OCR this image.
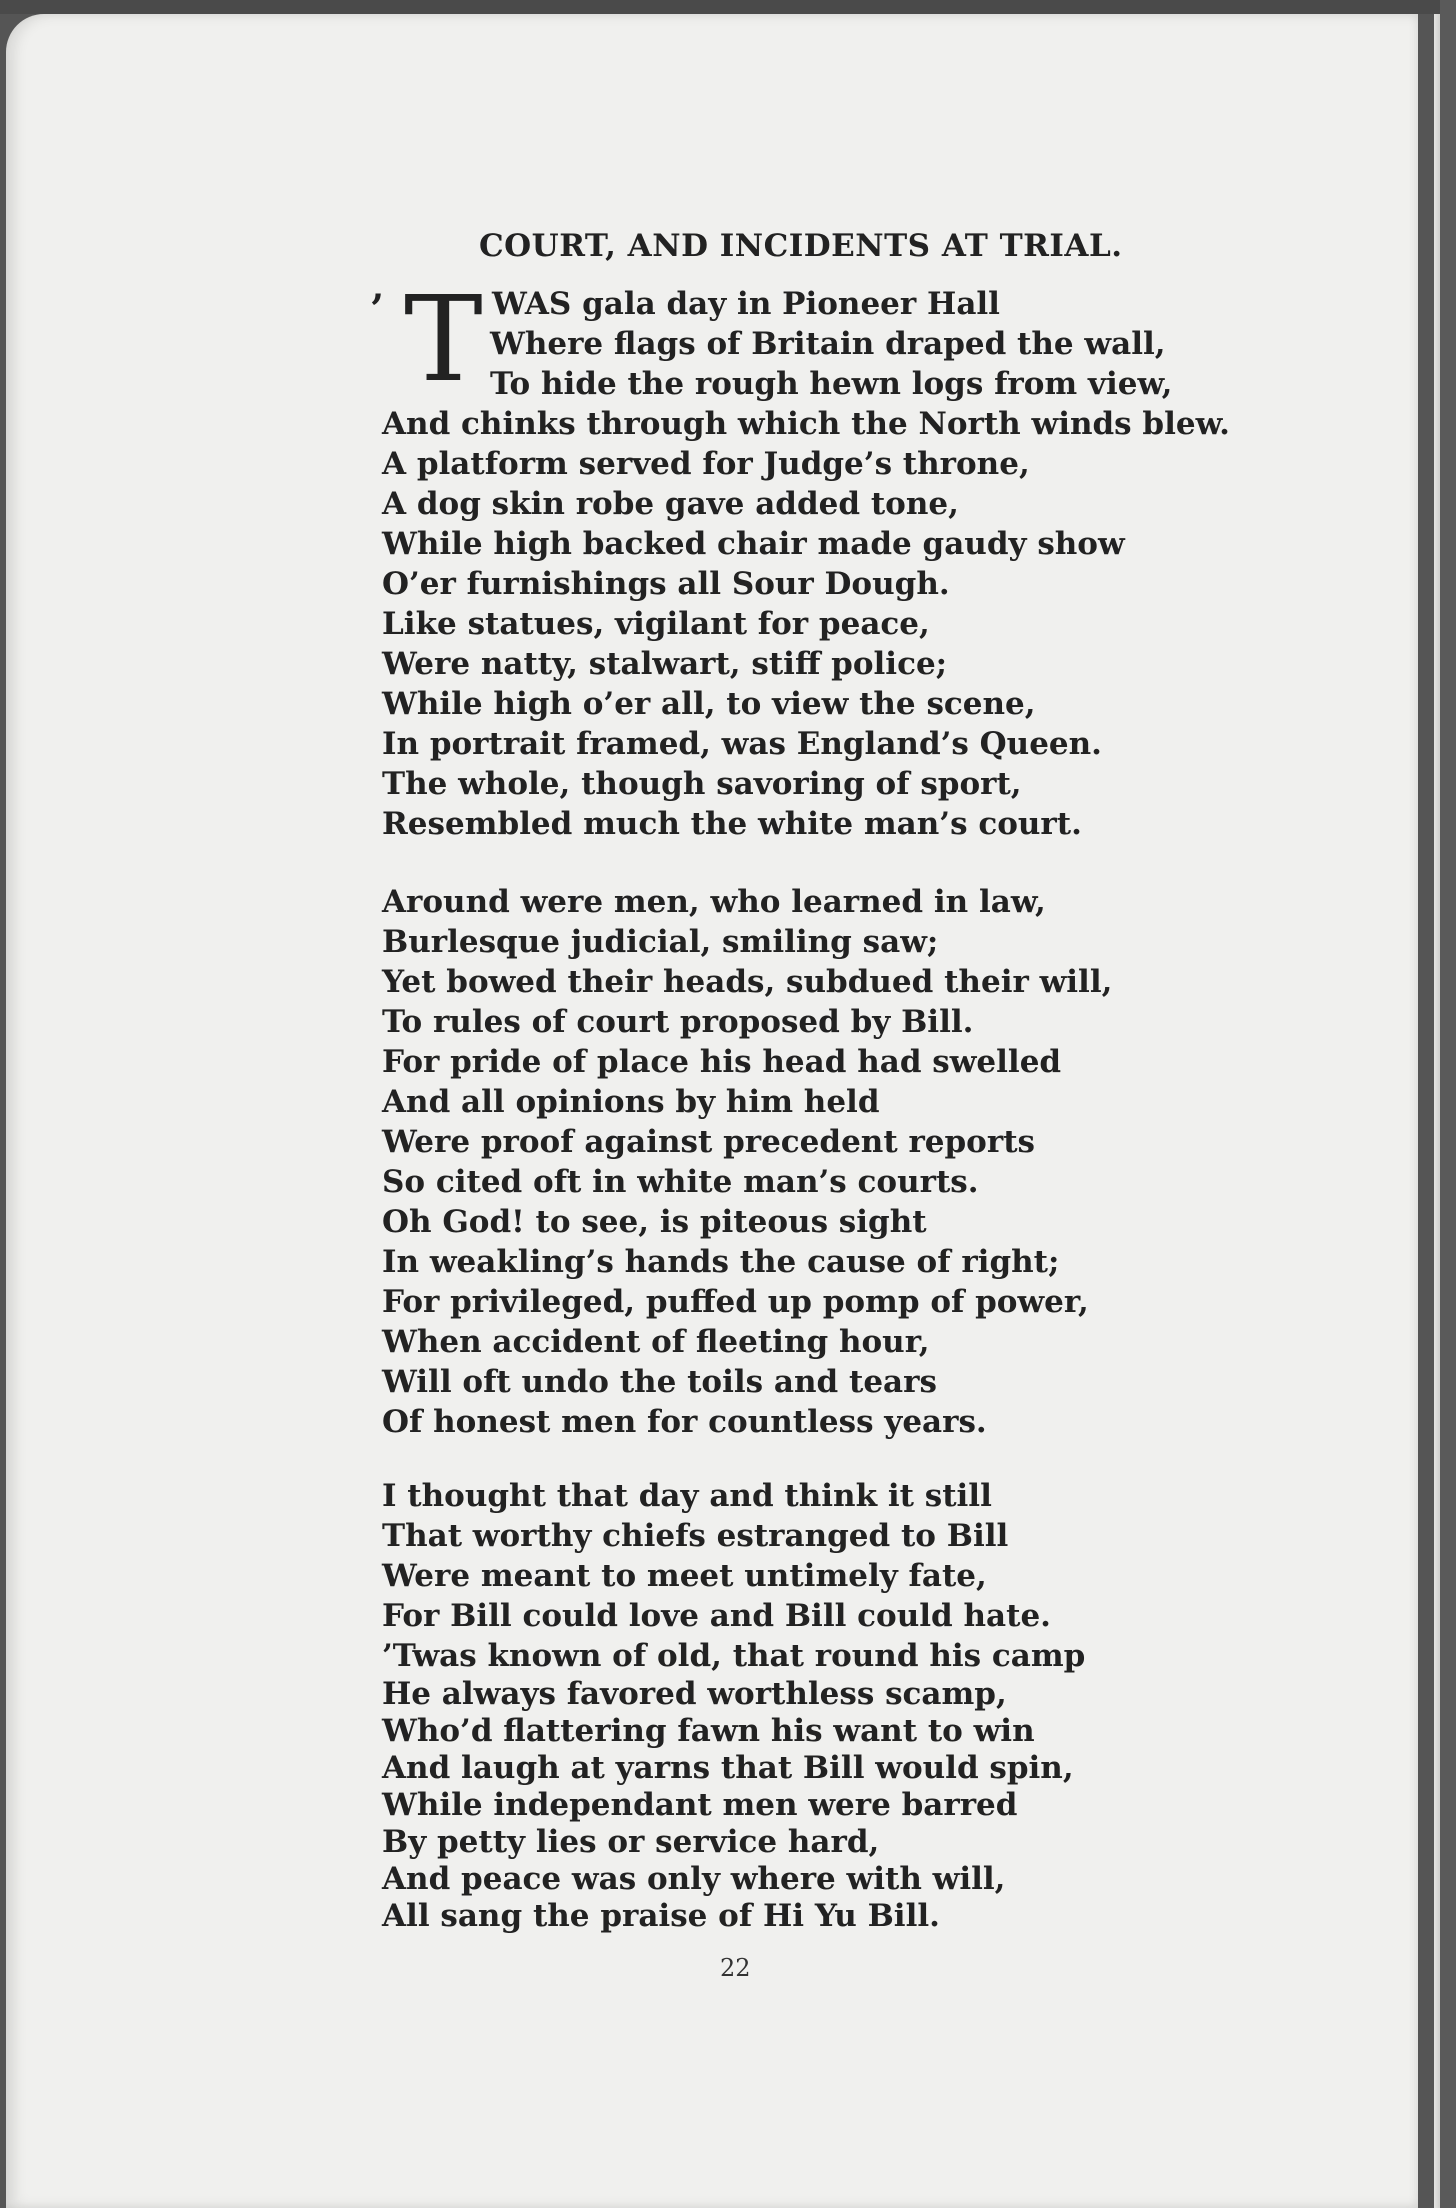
COURT, AND INCIDENTS AT TRIAL.
’ T WAS gala day in Pioneer Hall
Where flags of Britain draped the wall,
To hide the rough hewn logs from view,
And chinks through which the North winds blew.
A platform served for Judge’s throne,
A dog skin robe gave added tone,
While high backed chair made gaudy show
O’er furnishings all Sour Dough.
Like statues, vigilant for peace,
Were natty, stalwart, stiff police;
While high o’er all, to view the scene,
In portrait framed, was England’s Queen.
The whole, though savoring of sport,
Resembled much the white man’s court.
Around were men, who learned in law,
Burlesque judicial, smiling saw;
Yet bowed their heads, subdued their will,
To rules of court proposed by Bill.
For pride of place his head had swelled
And all opinions by him held
Were proof against precedent reports
So cited oft in white man’s courts.
Oh God! to see, is piteous sight
In weakling’s hands the cause of right;
For privileged, puffed up pomp of power,
When accident of fleeting hour,
Will oft undo the toils and tears
Of honest men for countless years.
I thought that day and think it still
That worthy chiefs estranged to Bill
Were meant to meet untimely fate,
For Bill could love and Bill could hate.
’Twas known of old, that round his camp
He always favored worthless scamp,
Who’d flattering fawn his want to win
And laugh at yarns that Bill would spin,
While independant men were barred
By petty lies or service hard,
And peace was only where with will,
All sang the praise of Hi Yu Bill.
22
